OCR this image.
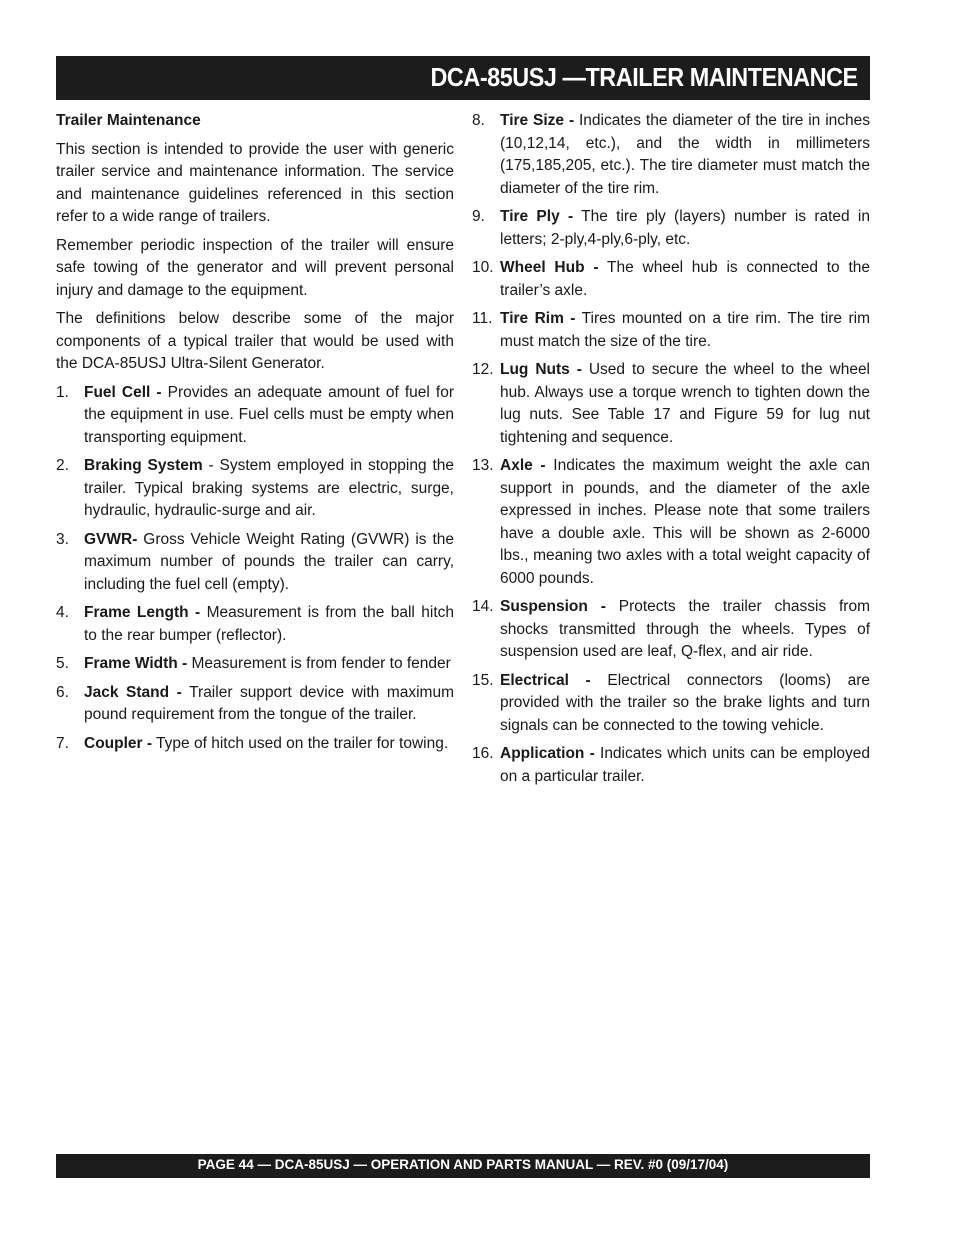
DCA-85USJ —TRAILER MAINTENANCE
Trailer Maintenance

This section is intended to provide the user with generic trailer service and maintenance information. The service and maintenance guidelines referenced in this section refer to a wide range of trailers.

Remember periodic inspection of the trailer will ensure safe towing of the generator and will prevent personal injury and damage to the equipment.

The definitions below describe some of the major components of a typical trailer that would be used with the DCA-85USJ Ultra-Silent Generator.

1. Fuel Cell - Provides an adequate amount of fuel for the equipment in use. Fuel cells must be empty when transporting equipment.
2. Braking System - System employed in stopping the trailer. Typical braking systems are electric, surge, hydraulic, hydraulic-surge and air.
3. GVWR- Gross Vehicle Weight Rating (GVWR) is the maximum number of pounds the trailer can carry, including the fuel cell (empty).
4. Frame Length - Measurement is from the ball hitch to the rear bumper (reflector).
5. Frame Width - Measurement is from fender to fender
6. Jack Stand - Trailer support device with maximum pound requirement from the tongue of the trailer.
7. Coupler - Type of hitch used on the trailer for towing.
8. Tire Size - Indicates the diameter of the tire in inches (10,12,14, etc.), and the width in millimeters (175,185,205, etc.). The tire diameter must match the diameter of the tire rim.
9. Tire Ply - The tire ply (layers) number is rated in letters; 2-ply,4-ply,6-ply, etc.
10. Wheel Hub - The wheel hub is connected to the trailer’s axle.
11. Tire Rim - Tires mounted on a tire rim. The tire rim must match the size of the tire.
12. Lug Nuts - Used to secure the wheel to the wheel hub. Always use a torque wrench to tighten down the lug nuts. See Table 17 and Figure 59 for lug nut tightening and sequence.
13. Axle - Indicates the maximum weight the axle can support in pounds, and the diameter of the axle expressed in inches. Please note that some trailers have a double axle. This will be shown as 2-6000 lbs., meaning two axles with a total weight capacity of 6000 pounds.
14. Suspension - Protects the trailer chassis from shocks transmitted through the wheels. Types of suspension used are leaf, Q-flex, and air ride.
15. Electrical - Electrical connectors (looms) are provided with the trailer so the brake lights and turn signals can be connected to the towing vehicle.
16. Application - Indicates which units can be employed on a particular trailer.
PAGE 44 — DCA-85USJ — OPERATION AND PARTS MANUAL — REV. #0 (09/17/04)
